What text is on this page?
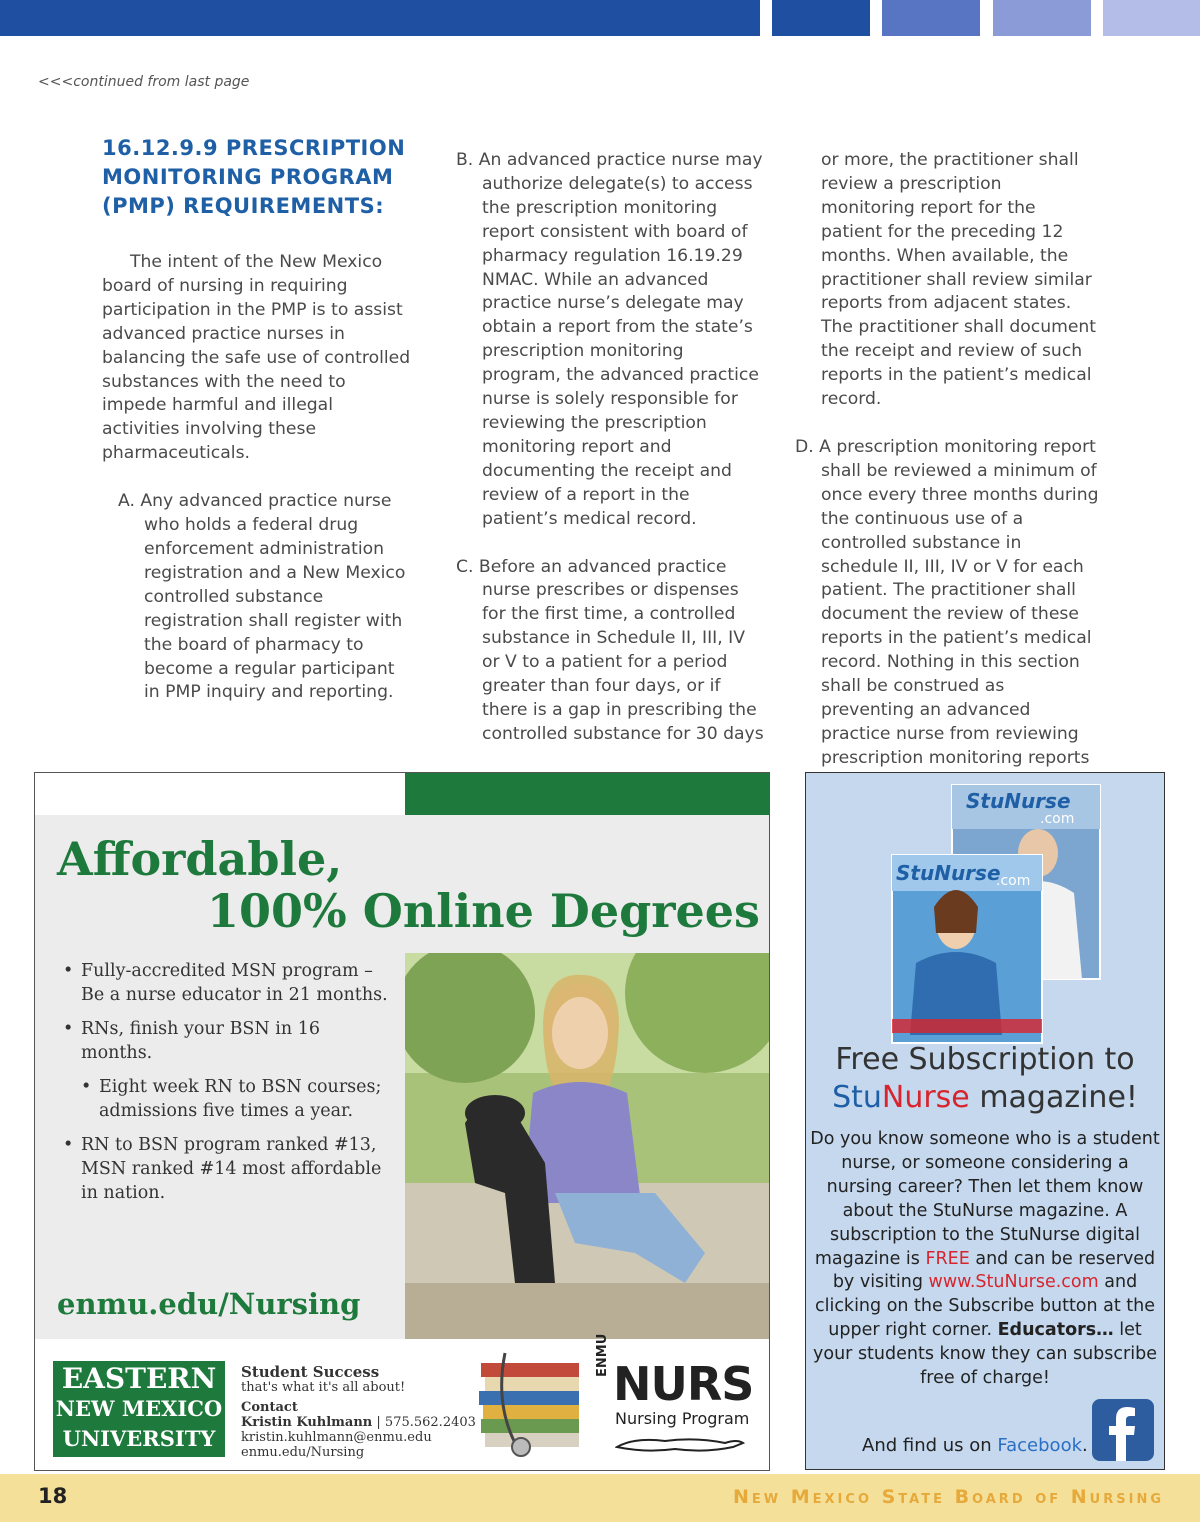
<<<continued from last page
16.12.9.9 PRESCRIPTION MONITORING PROGRAM (PMP) REQUIREMENTS:

The intent of the New Mexico board of nursing in requiring participation in the PMP is to assist advanced practice nurses in balancing the safe use of controlled substances with the need to impede harmful and illegal activities involving these pharmaceuticals.

A. Any advanced practice nurse who holds a federal drug enforcement administration registration and a New Mexico controlled substance registration shall register with the board of pharmacy to become a regular participant in PMP inquiry and reporting.

B. An advanced practice nurse may authorize delegate(s) to access the prescription monitoring report consistent with board of pharmacy regulation 16.19.29 NMAC. While an advanced practice nurse’s delegate may obtain a report from the state’s prescription monitoring program, the advanced practice nurse is solely responsible for reviewing the prescription monitoring report and documenting the receipt and review of a report in the patient’s medical record.

C. Before an advanced practice nurse prescribes or dispenses for the first time, a controlled substance in Schedule II, III, IV or V to a patient for a period greater than four days, or if there is a gap in prescribing the controlled substance for 30 days

or more, the practitioner shall review a prescription monitoring report for the patient for the preceding 12 months. When available, the practitioner shall review similar reports from adjacent states. The practitioner shall document the receipt and review of such reports in the patient’s medical record.

D. A prescription monitoring report shall be reviewed a minimum of once every three months during the continuous use of a controlled substance in schedule II, III, IV or V for each patient. The practitioner shall document the review of these reports in the patient’s medical record. Nothing in this section shall be construed as preventing an advanced practice nurse from reviewing prescription monitoring reports

Affordable,
100% Online Degrees
• Fully-accredited MSN program – Be a nurse educator in 21 months.
• RNs, finish your BSN in 16 months.
• Eight week RN to BSN courses; admissions five times a year.
• RN to BSN program ranked #13, MSN ranked #14 most affordable in nation.
enmu.edu/Nursing
EASTERN
NEW MEXICO
UNIVERSITY
Student Success
that's what it's all about!
Contact
Kristin Kuhlmann | 575.562.2403
kristin.kuhlmann@enmu.edu
enmu.edu/Nursing
ENMU
NURS
Nursing Program
StuNurse
.com
StuNurse
.com
Free Subscription to
StuNurse magazine!
Do you know someone who is a student nurse, or someone considering a nursing career? Then let them know about the StuNurse magazine. A subscription to the StuNurse digital magazine is FREE and can be reserved by visiting www.StuNurse.com and clicking on the Subscribe button at the upper right corner. Educators… let your students know they can subscribe free of charge!
And find us on Facebook.
18	New Mexico State Board of Nursing
